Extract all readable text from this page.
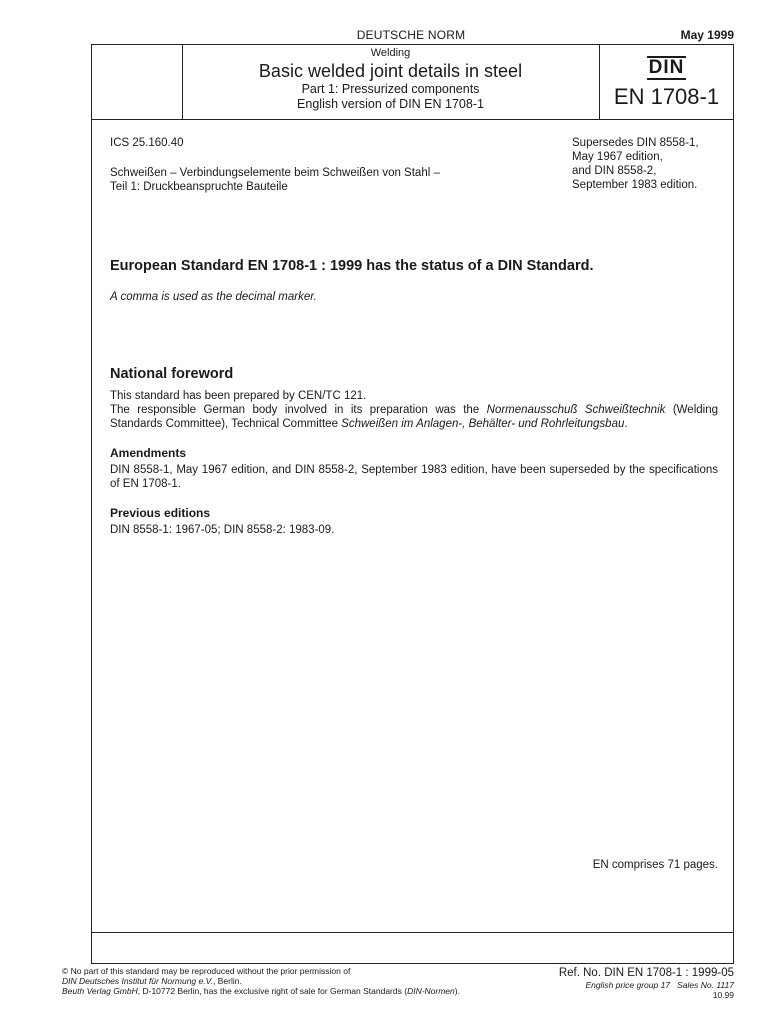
DEUTSCHE NORM	May 1999
Welding
Basic welded joint details in steel
Part 1: Pressurized components
English version of DIN EN 1708-1
DIN
EN 1708-1
ICS 25.160.40
Schweißen – Verbindungselemente beim Schweißen von Stahl –
Teil 1: Druckbeanspruchte Bauteile
Supersedes DIN 8558-1,
May 1967 edition,
and DIN 8558-2,
September 1983 edition.
European Standard EN 1708-1 : 1999 has the status of a DIN Standard.
A comma is used as the decimal marker.
National foreword
This standard has been prepared by CEN/TC 121.
The responsible German body involved in its preparation was the Normenausschuß Schweißtechnik (Welding Standards Committee), Technical Committee Schweißen im Anlagen-, Behälter- und Rohrleitungsbau.
Amendments
DIN 8558-1, May 1967 edition, and DIN 8558-2, September 1983 edition, have been superseded by the specifications of EN 1708-1.
Previous editions
DIN 8558-1: 1967-05; DIN 8558-2: 1983-09.
EN comprises 71 pages.
© No part of this standard may be reproduced without the prior permission of
DIN Deutsches Institut für Normung e.V., Berlin.
Beuth Verlag GmbH, D-10772 Berlin, has the exclusive right of sale for German Standards (DIN-Normen).
Ref. No. DIN EN 1708-1 : 1999-05
English price group 17 Sales No. 1117
10.99
